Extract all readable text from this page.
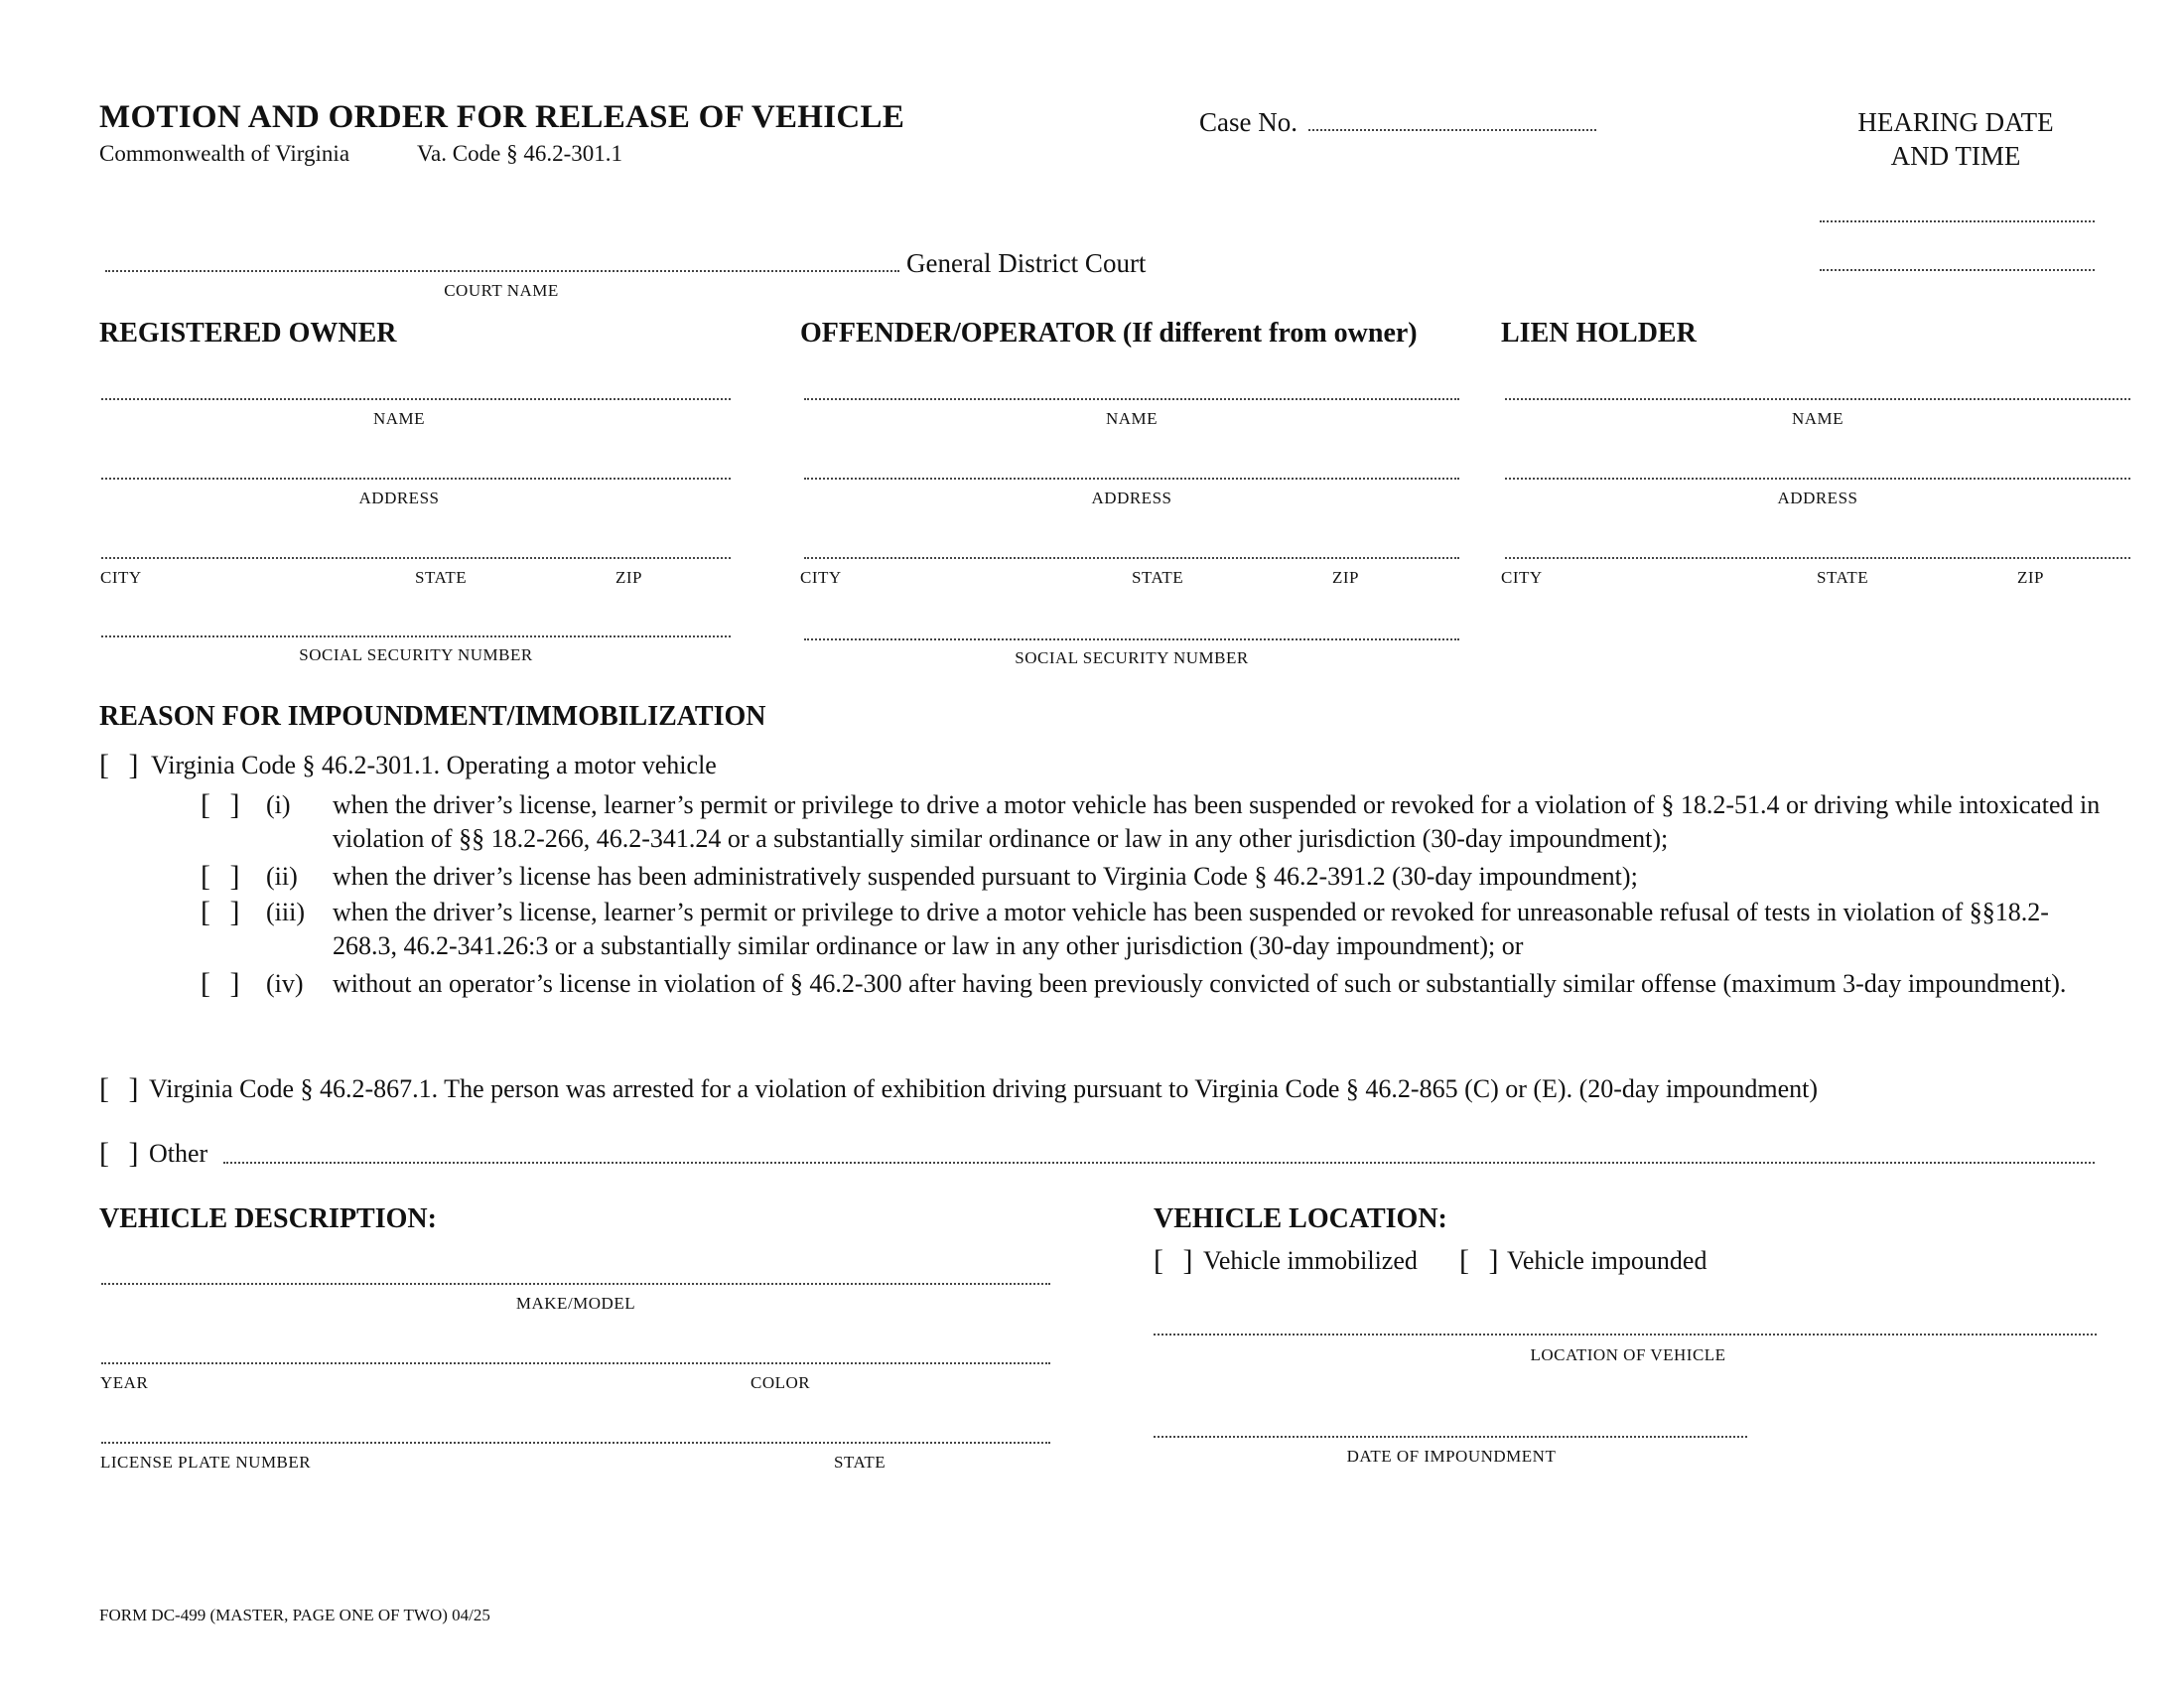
MOTION AND ORDER FOR RELEASE OF VEHICLE
Commonwealth of Virginia	Va. Code § 46.2-301.1
Case No.	HEARING DATE
AND TIME
General District Court
COURT NAME
REGISTERED OWNER	OFFENDER/OPERATOR (If different from owner)	LIEN HOLDER
NAME
ADDRESS
CITY	STATE	ZIP
SOCIAL SECURITY NUMBER
NAME
ADDRESS
CITY	STATE	ZIP
SOCIAL SECURITY NUMBER
NAME
ADDRESS
CITY	STATE	ZIP
REASON FOR IMPOUNDMENT/IMMOBILIZATION
[ ] Virginia Code § 46.2-301.1. Operating a motor vehicle
[ ] (i) when the driver’s license, learner’s permit or privilege to drive a motor vehicle has been suspended or revoked for a violation of § 18.2-51.4 or driving while intoxicated in violation of §§ 18.2-266, 46.2-341.24 or a substantially similar ordinance or law in any other jurisdiction (30-day impoundment);
[ ] (ii) when the driver’s license has been administratively suspended pursuant to Virginia Code § 46.2-391.2 (30-day impoundment);
[ ] (iii) when the driver’s license, learner’s permit or privilege to drive a motor vehicle has been suspended or revoked for unreasonable refusal of tests in violation of §§18.2-268.3, 46.2-341.26:3 or a substantially similar ordinance or law in any other jurisdiction (30-day impoundment); or
[ ] (iv) without an operator’s license in violation of § 46.2-300 after having been previously convicted of such or substantially similar offense (maximum 3-day impoundment).
[ ] Virginia Code § 46.2-867.1. The person was arrested for a violation of exhibition driving pursuant to Virginia Code § 46.2-865 (C) or (E). (20-day impoundment)
[ ] Other
VEHICLE DESCRIPTION:
MAKE/MODEL
YEAR	COLOR
LICENSE PLATE NUMBER	STATE
VEHICLE LOCATION:
[ ] Vehicle immobilized [ ] Vehicle impounded
LOCATION OF VEHICLE
DATE OF IMPOUNDMENT
FORM DC-499 (MASTER, PAGE ONE OF TWO) 04/25
